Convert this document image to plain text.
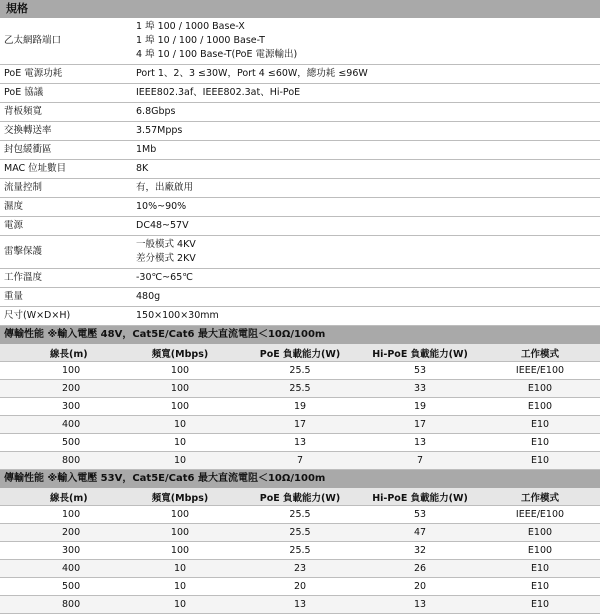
規格
乙太網路端口	1 埠 100 / 1000 Base-X
1 埠 10 / 100 / 1000 Base-T
4 埠 10 / 100 Base-T(PoE 電源輸出)

PoE 電源功耗	Port 1、2、3 ≤30W，Port 4 ≤60W，總功耗 ≤96W

PoE 協議	IEEE802.3af、IEEE802.3at、Hi-PoE

背板頻寬	6.8Gbps

交換轉送率	3.57Mpps

封包緩衝區	1Mb

MAC 位址數目	8K

流量控制	有，出廠啟用

濕度	10%~90%

電源	DC48~57V

雷擊保護	一般模式 4KV
差分模式 2KV

工作溫度	-30℃~65℃

重量	480g

尺寸(W×D×H)	150×100×30mm
傳輸性能 ※輸入電壓 48V，Cat5E/Cat6 最大直流電阻＜10Ω/100m
線長(m)	頻寬(Mbps)	PoE 負載能力(W)	Hi-PoE 負載能力(W)	工作模式
100	100	25.5	53	IEEE/E100
200	100	25.5	33	E100
300	100	19	19	E100
400	10	17	17	E10
500	10	13	13	E10
800	10	7	7	E10
傳輸性能 ※輸入電壓 53V，Cat5E/Cat6 最大直流電阻＜10Ω/100m
線長(m)	頻寬(Mbps)	PoE 負載能力(W)	Hi-PoE 負載能力(W)	工作模式
100	100	25.5	53	IEEE/E100
200	100	25.5	47	E100
300	100	25.5	32	E100
400	10	23	26	E10
500	10	20	20	E10
800	10	13	13	E10
